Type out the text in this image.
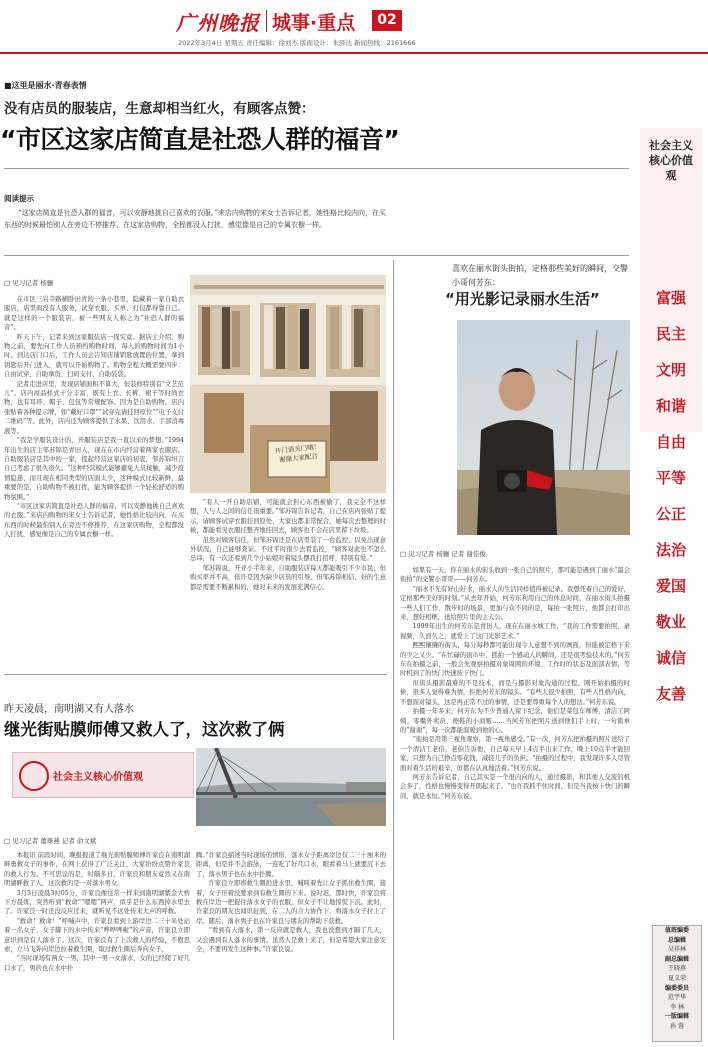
广州晚报 城事·重点	02
2022年3月4日 星期五 责任编辑：徐刘杰 版面设计：朱驿达 新闻热线：2161666
■这里是丽水·青春表情
没有店员的服装店，生意却相当红火，有顾客点赞：
“市区这家店简直是社恐人群的福音”
阅读提示

“这家店简直是社恐人群的福音，可以安静地挑自己喜欢的衣服。”来店内购物的宋女士告诉记者，她性格比较内向，在买东西的时候最怕别人在旁边不停推荐，在这家店购物，全程都没人打扰，感觉像是自己的专属衣橱一样。

□ 见习记者 杨骊

在市区三岩寺路横卧田青的一条小巷里，隐藏着一家自助衣服店，店里面没有人服务，试穿衣服、买单、打包都得靠自己。就是这样的一个服装店，被一些网友人称之为“社恐人群的福音”。

昨天下午，记者来到这家服装店一探究竟。据店主介绍，购物之前，要先向工作人员预约购物时间，每人的购物时间为1小时。到达店门口后，工作人员会告知店铺钥匙放置的位置，拿到钥匙后开门进入，就可以开始购物了。购物全程大概需要四步：自由试穿、自助拿货、扫码支付、自助装袋。

记者走进店里，发现店铺面积不算大，但装修特别有“文艺范儿”。店内商品样式十分丰富，既有上衣、长裤、裙子等时尚衣物，也有耳环、帽子、包包等常规配饰。因为是自助购物，店内张贴着各种提示牌，如“戴好口罩”“试穿完请挂回原位”“电子支付二维码”等。此外，店内还为顾客提供了水果、饮用水、手部消毒液等。

“我是学服装设计的，开服装店是我一直以来的梦想。”1994年出生的店主邹苏锦是青田人，现在在市内经营着两家衣服店。自助服装店是其中的一家，提起经营这家店的初衷，邹苏锦坦言自己考虑了很久很久。“这种经营模式能够避免人员接触，减少疫情隐患，而且现在相同类型的店面太少，这种模式比较新鲜，最重要的是，自助购物不被打扰，能为顾客提供一个轻松舒适的购物氛围。”

“市区这家店简直是社恐人群的福音，可以安静地挑自己喜欢的衣服。”来店内购物的宋女士告诉记者，她性格比较内向，在买东西的时候最怕别人在旁边不停推荐，在这家店购物，全程都没人打扰，感觉像是自己的专属衣橱一样。

开门请关门哦！
谢谢大家配合

“有人一开自助店铺，可能就会担心东西被偷了，我完全不这样想，人与人之间的信任很重要。”邹苏锦告诉记者，自己在店内张贴了提示，请顾客试穿衣服挂回原处，大家也都非常配合，她每次去整理的时候，都能看见衣服挂整齐地挂回去，顾客也不会在店里留下垃圾。

虽然对顾客信任，但邹苏锦还是在店里装了一台监控，以免出现意外状况，自己能够查证。不过平时很少去看监控，“顾客对此也不怎么忌讳，有一次还看到几个小姑娘对着镜头摆我打招呼，特别有爱。”

邹苏锦说，开业小半年来，自助服装店每天都能吸引不少市民，但购买率并不高，依许是因为缺少店员的引导。但邹苏锦相信，好的生意都是需要不断累积的，她对未来的发展充满信心。

喜欢在丽水街头街拍，定格那些美好的瞬间，交警小哥何芳东：
“用光影记录丽水生活”
□ 见习记者 杨骊 记者 谢佳俊

如果有一天，你在丽水的街头收到一张自己的照片，那可能是遇到了丽水“最会街拍”的交警小哥哥——何芳东。

“丽水不光有好山好水，丽水人的生活同样值得被记录。我想凭着自己的爱好，定格那些美好的时刻。”从去年开始，何芳东利用自己的休息时间，在丽水街头拍摄一些人们工作、散步时的场景，更加与众不同的是，每拍一张照片，他都会打印出来，想好相框，送给照片里的主人公。

1999年出生的何芳东是青田人，现在在丽水城工作，“我的工作需要拍照、录视频，久而久之，就爱上了这门光影艺术。”

熙熙攘攘的街头，每分每秒都可能出现令人意想不到的画面，但能被定格下来的少之又少。“在忙碌的街市中，抓拍一个感动人的瞬间，还是很考验技术的。”何芳东在拍摄之前，一般会先观察拍摄对象周围的环境、工作时的状态及面部表情，等时机到了的快门快速按下快门。

但街头摄影最难的不是技术，而是与摄影对象沟通的过程。刚开始拍摄的时候，很多人觉得难为情，拒绝何芳东的镜头。“有些人很少拍照，有些人性格内向，不想面对镜头，这是再正常不过的事情，还是要尊重每个人的想法。”何芳东说。

拍摄一年多来，何芳东为不少普通人留下纪念，他们是菜包车师傅、清洁工阿姨、零嘴外卖员、擦鞋的小商贩……当何芳东把照片送到他们手上时，一句简单的“谢谢”，每一次都能温暖到他的心。

“街拍是用第三视角观察，第一视角感受。”有一次，何芳东把拍摄的照片送给了一个清洁工老伯，老伯告诉他，自己每天早上4点半出来工作，晚上10点半才能回家，只想为自己挣点零花钱，减轻儿子的负担。“拍摄的过程中，我发现许多人尽管面对着生活的艰辛，但都在认真地活着。”何芳东说。

何芳东告诉记者，自己其实是一个很内向的人，通过摄影，和其他人交流的机会多了，性格也慢慢变得开朗起来了。“也许我抓不住时间，但是当我按下快门的瞬间，就是永恒。”何芳东说。

昨天凌晨，南明湖又有人落水
继光街贴膜师傅又救人了，这次救了俩
社会主义核心价值观
□ 见习记者 董珠燕 记者 俞文斌

本报讯 前段时间，晚报报道了继光街贴膜师傅许家良在南明湖畔勇救女子的事件，在网上获得了广泛关注，大家纷纷点赞许家良的救人行为。不可思议的是，时隔多日，许家良和朋友竟然又在南明湖畔救了人，这次救的是一对落水男女。

3月3日凌晨3时05分，许家良像往常一样来到南明湖紫金大桥下方晨练，突然听到“救命”“嗯嗯”两声，似乎是什么东西掉水里去了。许家良一时还没反应过来，就听见不远处传来大声的呼救。

“救命！救命！”呼喊声中，许家良看到上游岸边二三十米处站着一名女子，女子脚下的水中传来“哗哗哗啦”的声音，许家良立即意识到是有人落水了。这次，许家良有了上次救人的经验，不假思索，立马飞奔向岸边拉着救生圈，取过救生圈后奔向女子。

“当时现场有两女一男，其中一男一女落水，女的已经爬了好几口水了，男的也在水中扑

腾。”许家良描述当时现场的情形，落水女子距离岸边仅二三十厘米的距离，但是并不会游泳，一连吃了好几口水，眼看着马上就要沉下去了，落水男子也在水中扑腾。

许家良立即将救生圈扔进水里，喊叫着先让女子抓住救生圈，接着，女子压着没要求到有救生圈的下来。说时迟，那时快，许家良将救在岸边一把捉住落水女子的衣服，但女子不让地惊慌下沉。此时，许家良的朋友也闻讯赶到，在二人的合力协作下，将落水女子拉上了岸。随后，落水男子也在许家良与朋友的帮助下获救。

“看到有人落水，第一反应就是救人，我也没想到才隔了几天，又会遇到有人落水的事情。虽然人是救上来了，但是希望大家注意安全，不要再发生这种事。”许家良说。

社会主义核心价值观
富强
民主
文明
和谐
自由
平等
公正
法治
爱国
敬业
诚信
友善
值班编委
总编辑
吴祥林
副总编辑
王晓燕
夏义荣
编委委员
范宇华
李 林
一版编辑
孙 蓉
